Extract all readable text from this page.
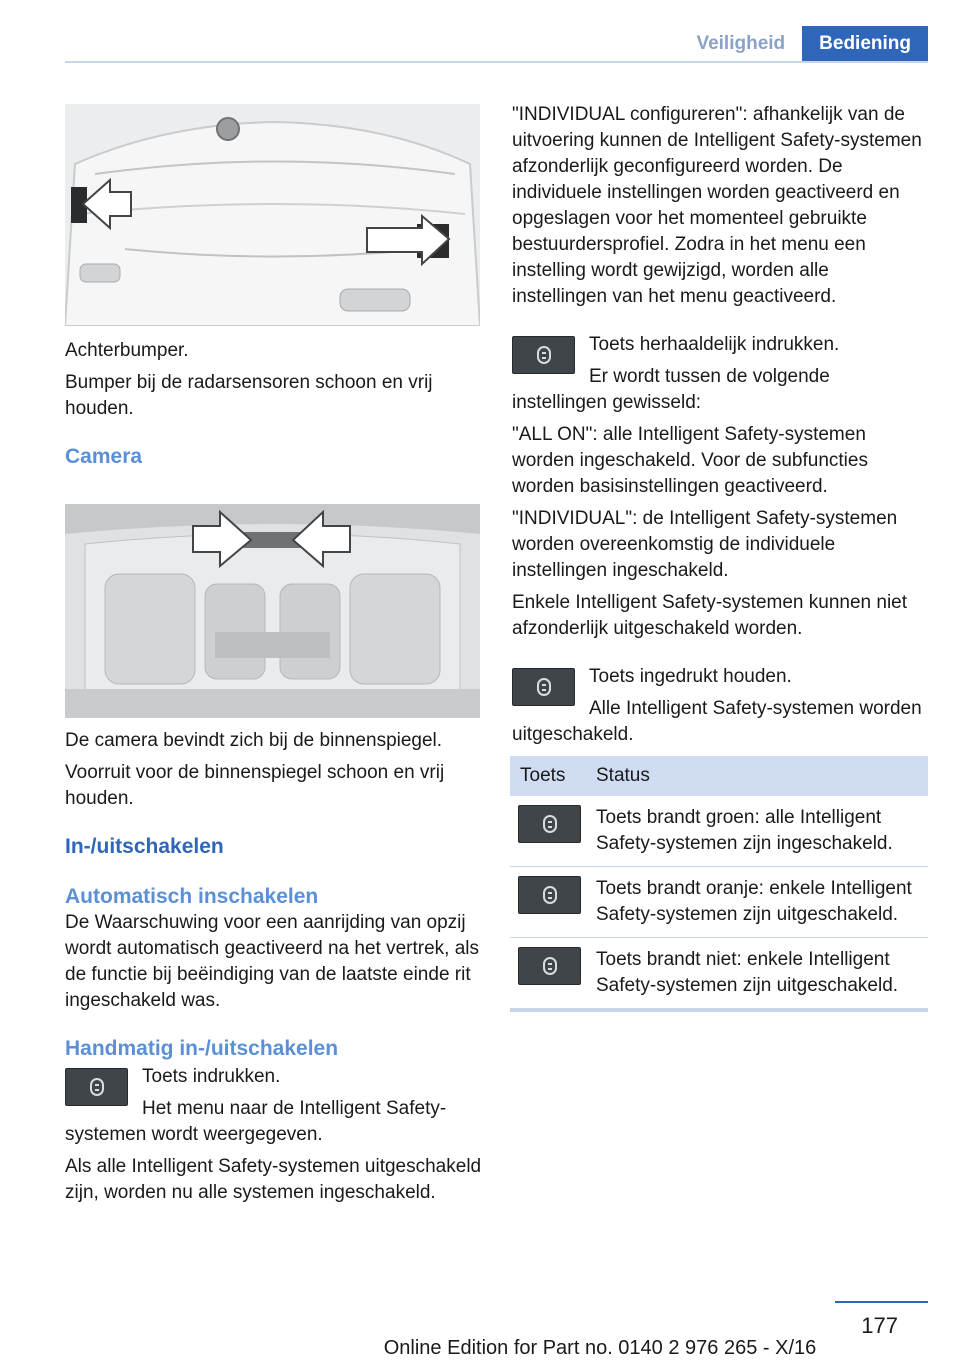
Veiligheid	Bediening

Achterbumper.

Bumper bij de radarsensoren schoon en vrij houden.

Camera

De camera bevindt zich bij de binnenspiegel.

Voorruit voor de binnenspiegel schoon en vrij houden.

In-/uitschakelen
Automatisch inschakelen

De Waarschuwing voor een aanrijding van opzij wordt automatisch geactiveerd na het vertrek, als de functie bij beëindiging van de laatste einde rit ingeschakeld was.

Handmatig in-/uitschakelen

Toets indrukken.

Het menu naar de Intelligent Safety-systemen wordt weergegeven.

Als alle Intelligent Safety-systemen uitgeschakeld zijn, worden nu alle systemen ingeschakeld.

"INDIVIDUAL configureren": afhankelijk van de uitvoering kunnen de Intelligent Safety-systemen afzonderlijk geconfigureerd worden. De individuele instellingen worden geactiveerd en opgeslagen voor het momenteel gebruikte bestuurdersprofiel. Zodra in het menu een instelling wordt gewijzigd, worden alle instellingen van het menu geactiveerd.

Toets herhaaldelijk indrukken.

Er wordt tussen de volgende instellingen gewisseld:

"ALL ON": alle Intelligent Safety-systemen worden ingeschakeld. Voor de subfuncties worden basisinstellingen geactiveerd.

"INDIVIDUAL": de Intelligent Safety-systemen worden overeenkomstig de individuele instellingen ingeschakeld.

Enkele Intelligent Safety-systemen kunnen niet afzonderlijk uitgeschakeld worden.

Toets ingedrukt houden.

Alle Intelligent Safety-systemen worden uitgeschakeld.

Toets	Status

	Toets brandt groen: alle Intelligent Safety-systemen zijn ingeschakeld.

	Toets brandt oranje: enkele Intelligent Safety-systemen zijn uitgeschakeld.

	Toets brandt niet: enkele Intelligent Safety-systemen zijn uitgeschakeld.
177
Online Edition for Part no. 0140 2 976 265 - X/16
